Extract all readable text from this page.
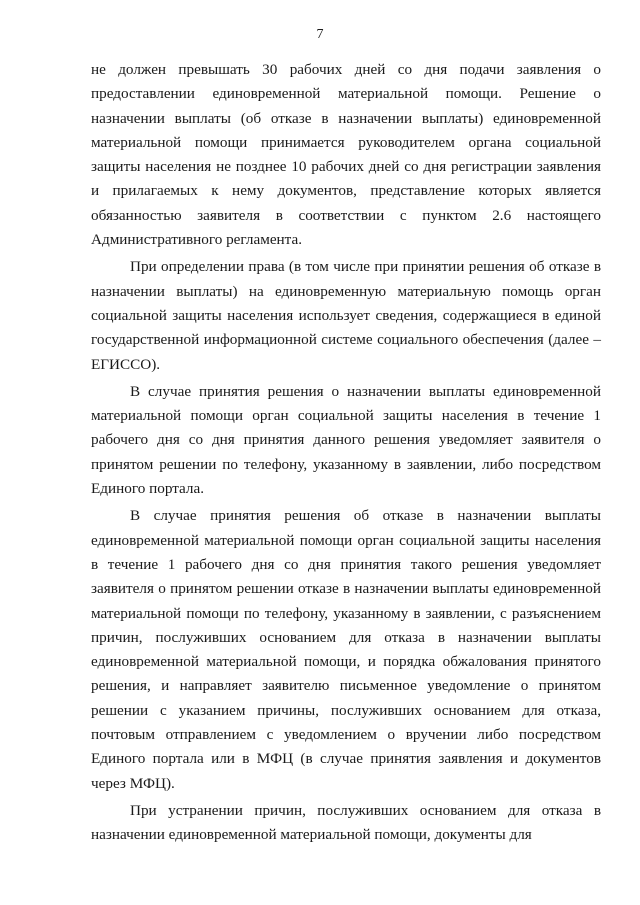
7

не должен превышать 30 рабочих дней со дня подачи заявления о предоставлении единовременной материальной помощи. Решение о назначении выплаты (об отказе в назначении выплаты) единовременной материальной помощи принимается руководителем органа социальной защиты населения не позднее 10 рабочих дней со дня регистрации заявления и прилагаемых к нему документов, представление которых является обязанностью заявителя в соответствии с пунктом 2.6 настоящего Административного регламента.

При определении права (в том числе при принятии решения об отказе в назначении выплаты) на единовременную материальную помощь орган социальной защиты населения использует сведения, содержащиеся в единой государственной информационной системе социального обеспечения (далее – ЕГИССО).

В случае принятия решения о назначении выплаты единовременной материальной помощи орган социальной защиты населения в течение 1 рабочего дня со дня принятия данного решения уведомляет заявителя о принятом решении по телефону, указанному в заявлении, либо посредством Единого портала.

В случае принятия решения об отказе в назначении выплаты единовременной материальной помощи орган социальной защиты населения в течение 1 рабочего дня со дня принятия такого решения уведомляет заявителя о принятом решении отказе в назначении выплаты единовременной материальной помощи по телефону, указанному в заявлении, с разъяснением причин, послуживших основанием для отказа в назначении выплаты единовременной материальной помощи, и порядка обжалования принятого решения, и направляет заявителю письменное уведомление о принятом решении с указанием причины, послуживших основанием для отказа, почтовым отправлением с уведомлением о вручении либо посредством Единого портала или в МФЦ (в случае принятия заявления и документов через МФЦ).

При устранении причин, послуживших основанием для отказа в назначении единовременной материальной помощи, документы для
